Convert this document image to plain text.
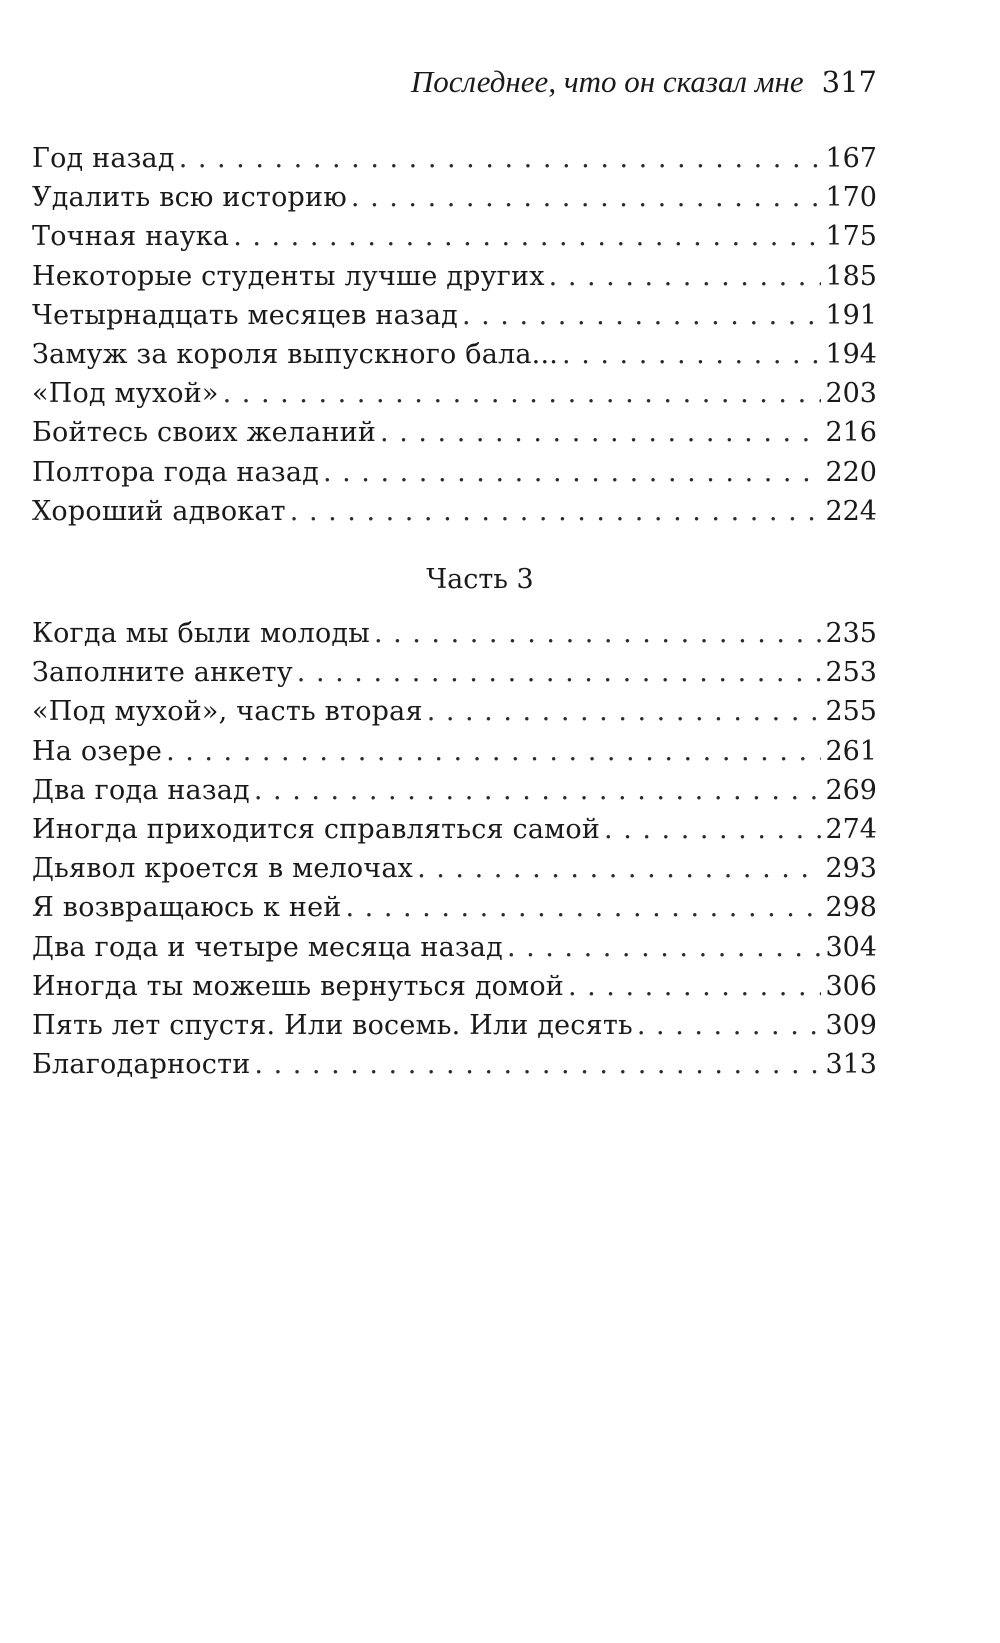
Последнее, что он сказал мне 317
Год назад . . .	167
Удалить всю историю . . .	170
Точная наука . . .	175
Некоторые студенты лучше других . . .	185
Четырнадцать месяцев назад . . .	191
Замуж за короля выпускного бала... . . .	194
«Под мухой» . . .	203
Бойтесь своих желаний . . .	216
Полтора года назад . . .	220
Хороший адвокат . . .	224
Часть 3
Когда мы были молоды . . .	235
Заполните анкету . . .	253
«Под мухой», часть вторая . . .	255
На озере . . .	261
Два года назад . . .	269
Иногда приходится справляться самой . . .	274
Дьявол кроется в мелочах . . .	293
Я возвращаюсь к ней . . .	298
Два года и четыре месяца назад . . .	304
Иногда ты можешь вернуться домой . . .	306
Пять лет спустя. Или восемь. Или десять . . .	309
Благодарности . . .	313
